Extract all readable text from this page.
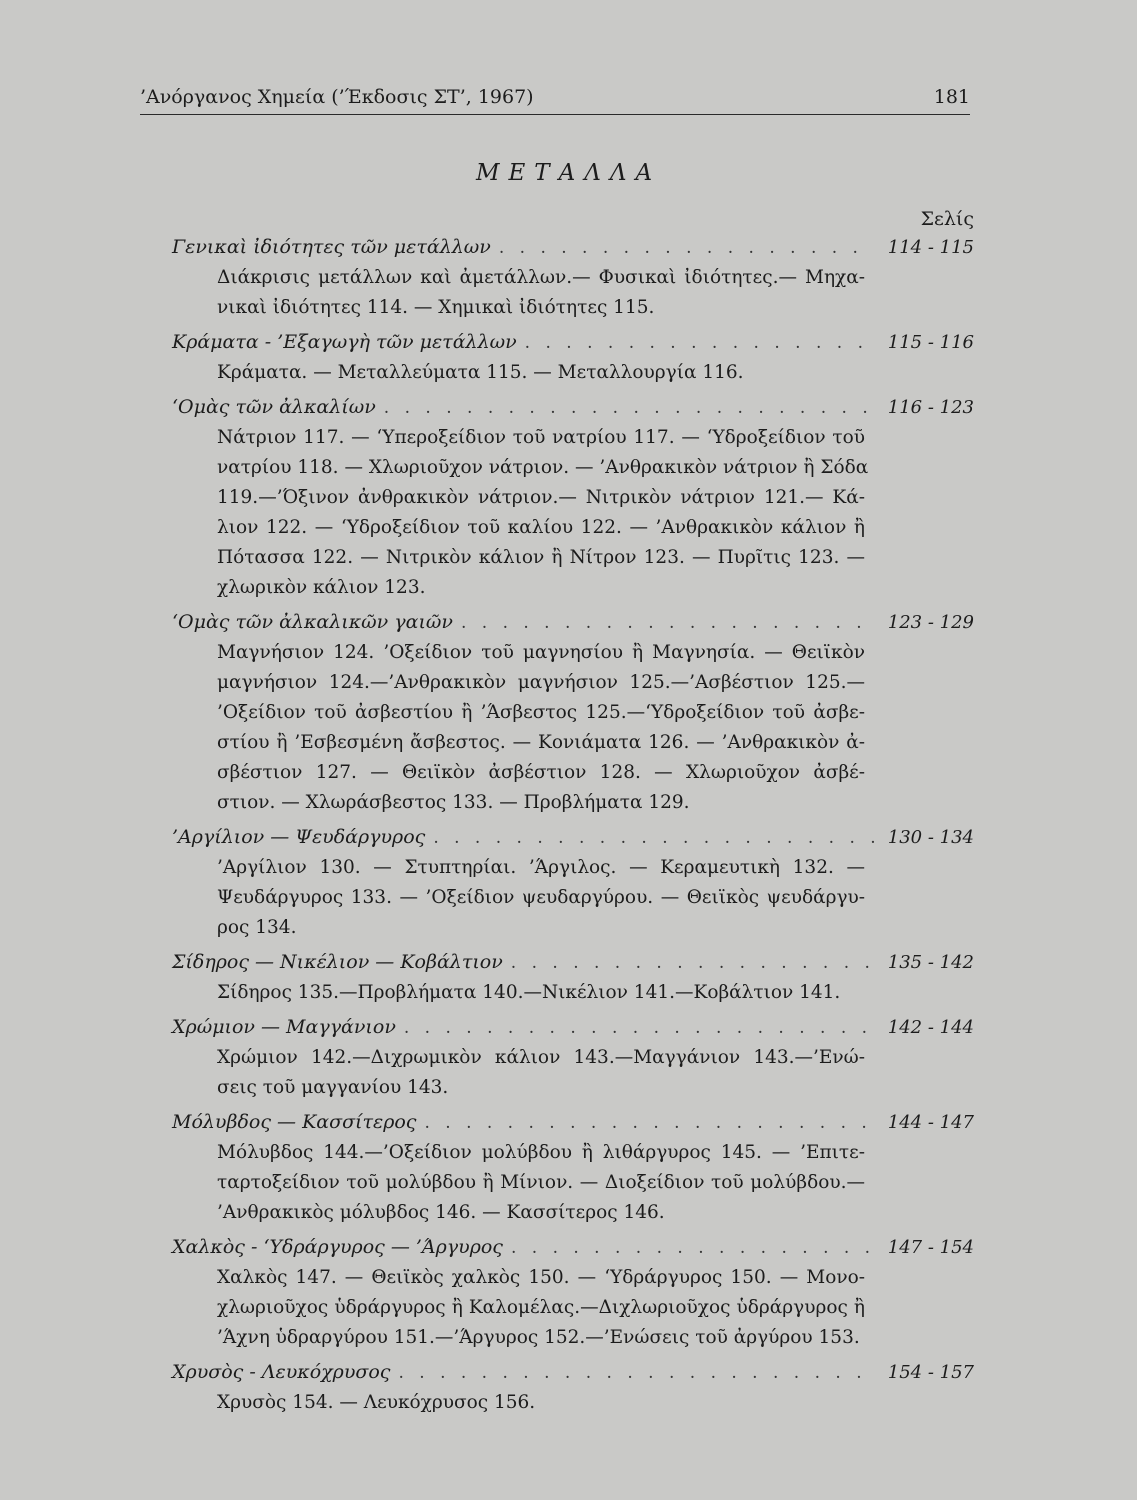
’Ανόργανος Χημεία (’Έκδοσις ΣΤ’, 1967)	181
ΜΕΤΑΛΛΑ
Σελίς
Γενικαὶ ἰδιότητες τῶν μετάλλων . . .	114 - 115
Διάκρισις μετάλλων καὶ ἀμετάλλων.— Φυσικαὶ ἰδιότητες.— Μηχα-
νικαὶ ἰδιότητες 114. — Χημικαὶ ἰδιότητες 115.
Κράματα - ’Εξαγωγὴ τῶν μετάλλων . . .	115 - 116
Κράματα. — Μεταλλεύματα 115. — Μεταλλουργία 116.
‘Ομὰς τῶν ἀλκαλίων . . .	116 - 123
Νάτριον 117. — ‘Υπεροξείδιον τοῦ νατρίου 117. — ‘Υδροξείδιον τοῦ
νατρίου 118. — Χλωριοῦχον νάτριον. — ’Ανθρακικὸν νάτριον ἢ Σόδα
119.—’Όξινον ἀνθρακικὸν νάτριον.— Νιτρικὸν νάτριον 121.— Κά-
λιον 122. — ‘Υδροξείδιον τοῦ καλίου 122. — ’Ανθρακικὸν κάλιον ἢ
Πότασσα 122. — Νιτρικὸν κάλιον ἢ Νίτρον 123. — Πυρῖτις 123. —
χλωρικὸν κάλιον 123.
‘Ομὰς τῶν ἀλκαλικῶν γαιῶν . . .	123 - 129
Μαγνήσιον 124. ’Οξείδιον τοῦ μαγνησίου ἢ Μαγνησία. — Θειϊκὸν
μαγνήσιον 124.—’Ανθρακικὸν μαγνήσιον 125.—’Ασβέστιον 125.—
’Οξείδιον τοῦ ἀσβεστίου ἢ ’Άσβεστος 125.—‘Υδροξείδιον τοῦ ἀσβε-
στίου ἢ ’Εσβεσμένη ἄσβεστος. — Κονιάματα 126. — ’Ανθρακικὸν ἀ-
σβέστιον 127. — Θειϊκὸν ἀσβέστιον 128. — Χλωριοῦχον ἀσβέ-
στιον. — Χλωράσβεστος 133. — Προβλήματα 129.
’Αργίλιον — Ψευδάργυρος . . .	130 - 134
’Αργίλιον 130. — Στυπτηρίαι. ’Άργιλος. — Κεραμευτικὴ 132. —
Ψευδάργυρος 133. — ’Οξείδιον ψευδαργύρου. — Θειϊκὸς ψευδάργυ-
ρος 134.
Σίδηρος — Νικέλιον — Κοβάλτιον . . .	135 - 142
Σίδηρος 135.—Προβλήματα 140.—Νικέλιον 141.—Κοβάλτιον 141.
Χρώμιον — Μαγγάνιον . . .	142 - 144
Χρώμιον 142.—Διχρωμικὸν κάλιον 143.—Μαγγάνιον 143.—’Ενώ-
σεις τοῦ μαγγανίου 143.
Μόλυβδος — Κασσίτερος . . .	144 - 147
Μόλυβδος 144.—’Οξείδιον μολύβδου ἢ λιθάργυρος 145. — ’Επιτε-
ταρτοξείδιον τοῦ μολύβδου ἢ Μίνιον. — Διοξείδιον τοῦ μολύβδου.—
’Ανθρακικὸς μόλυβδος 146. — Κασσίτερος 146.
Χαλκὸς - ‘Υδράργυρος — ’Άργυρος . . .	147 - 154
Χαλκὸς 147. — Θειϊκὸς χαλκὸς 150. — ‘Υδράργυρος 150. — Μονο-
χλωριοῦχος ὑδράργυρος ἢ Καλομέλας.—Διχλωριοῦχος ὑδράργυρος ἢ
’Άχνη ὑδραργύρου 151.—’Άργυρος 152.—’Ενώσεις τοῦ ἀργύρου 153.
Χρυσὸς - Λευκόχρυσος . . .	154 - 157
Χρυσὸς 154. — Λευκόχρυσος 156.
